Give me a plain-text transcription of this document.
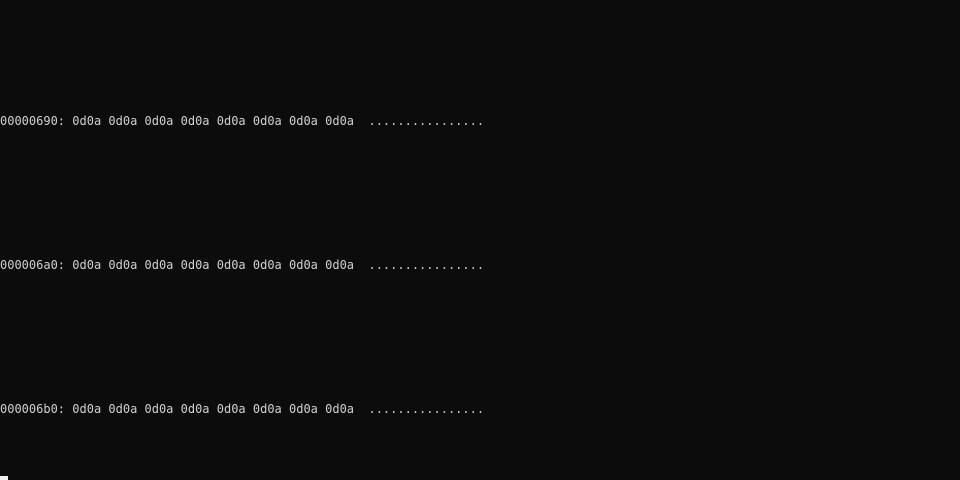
00000690: 0d0a 0d0a 0d0a 0d0a 0d0a 0d0a 0d0a 0d0a ................
000006a0: 0d0a 0d0a 0d0a 0d0a 0d0a 0d0a 0d0a 0d0a ................
000006b0: 0d0a 0d0a 0d0a 0d0a 0d0a 0d0a 0d0a 0d0a ................
